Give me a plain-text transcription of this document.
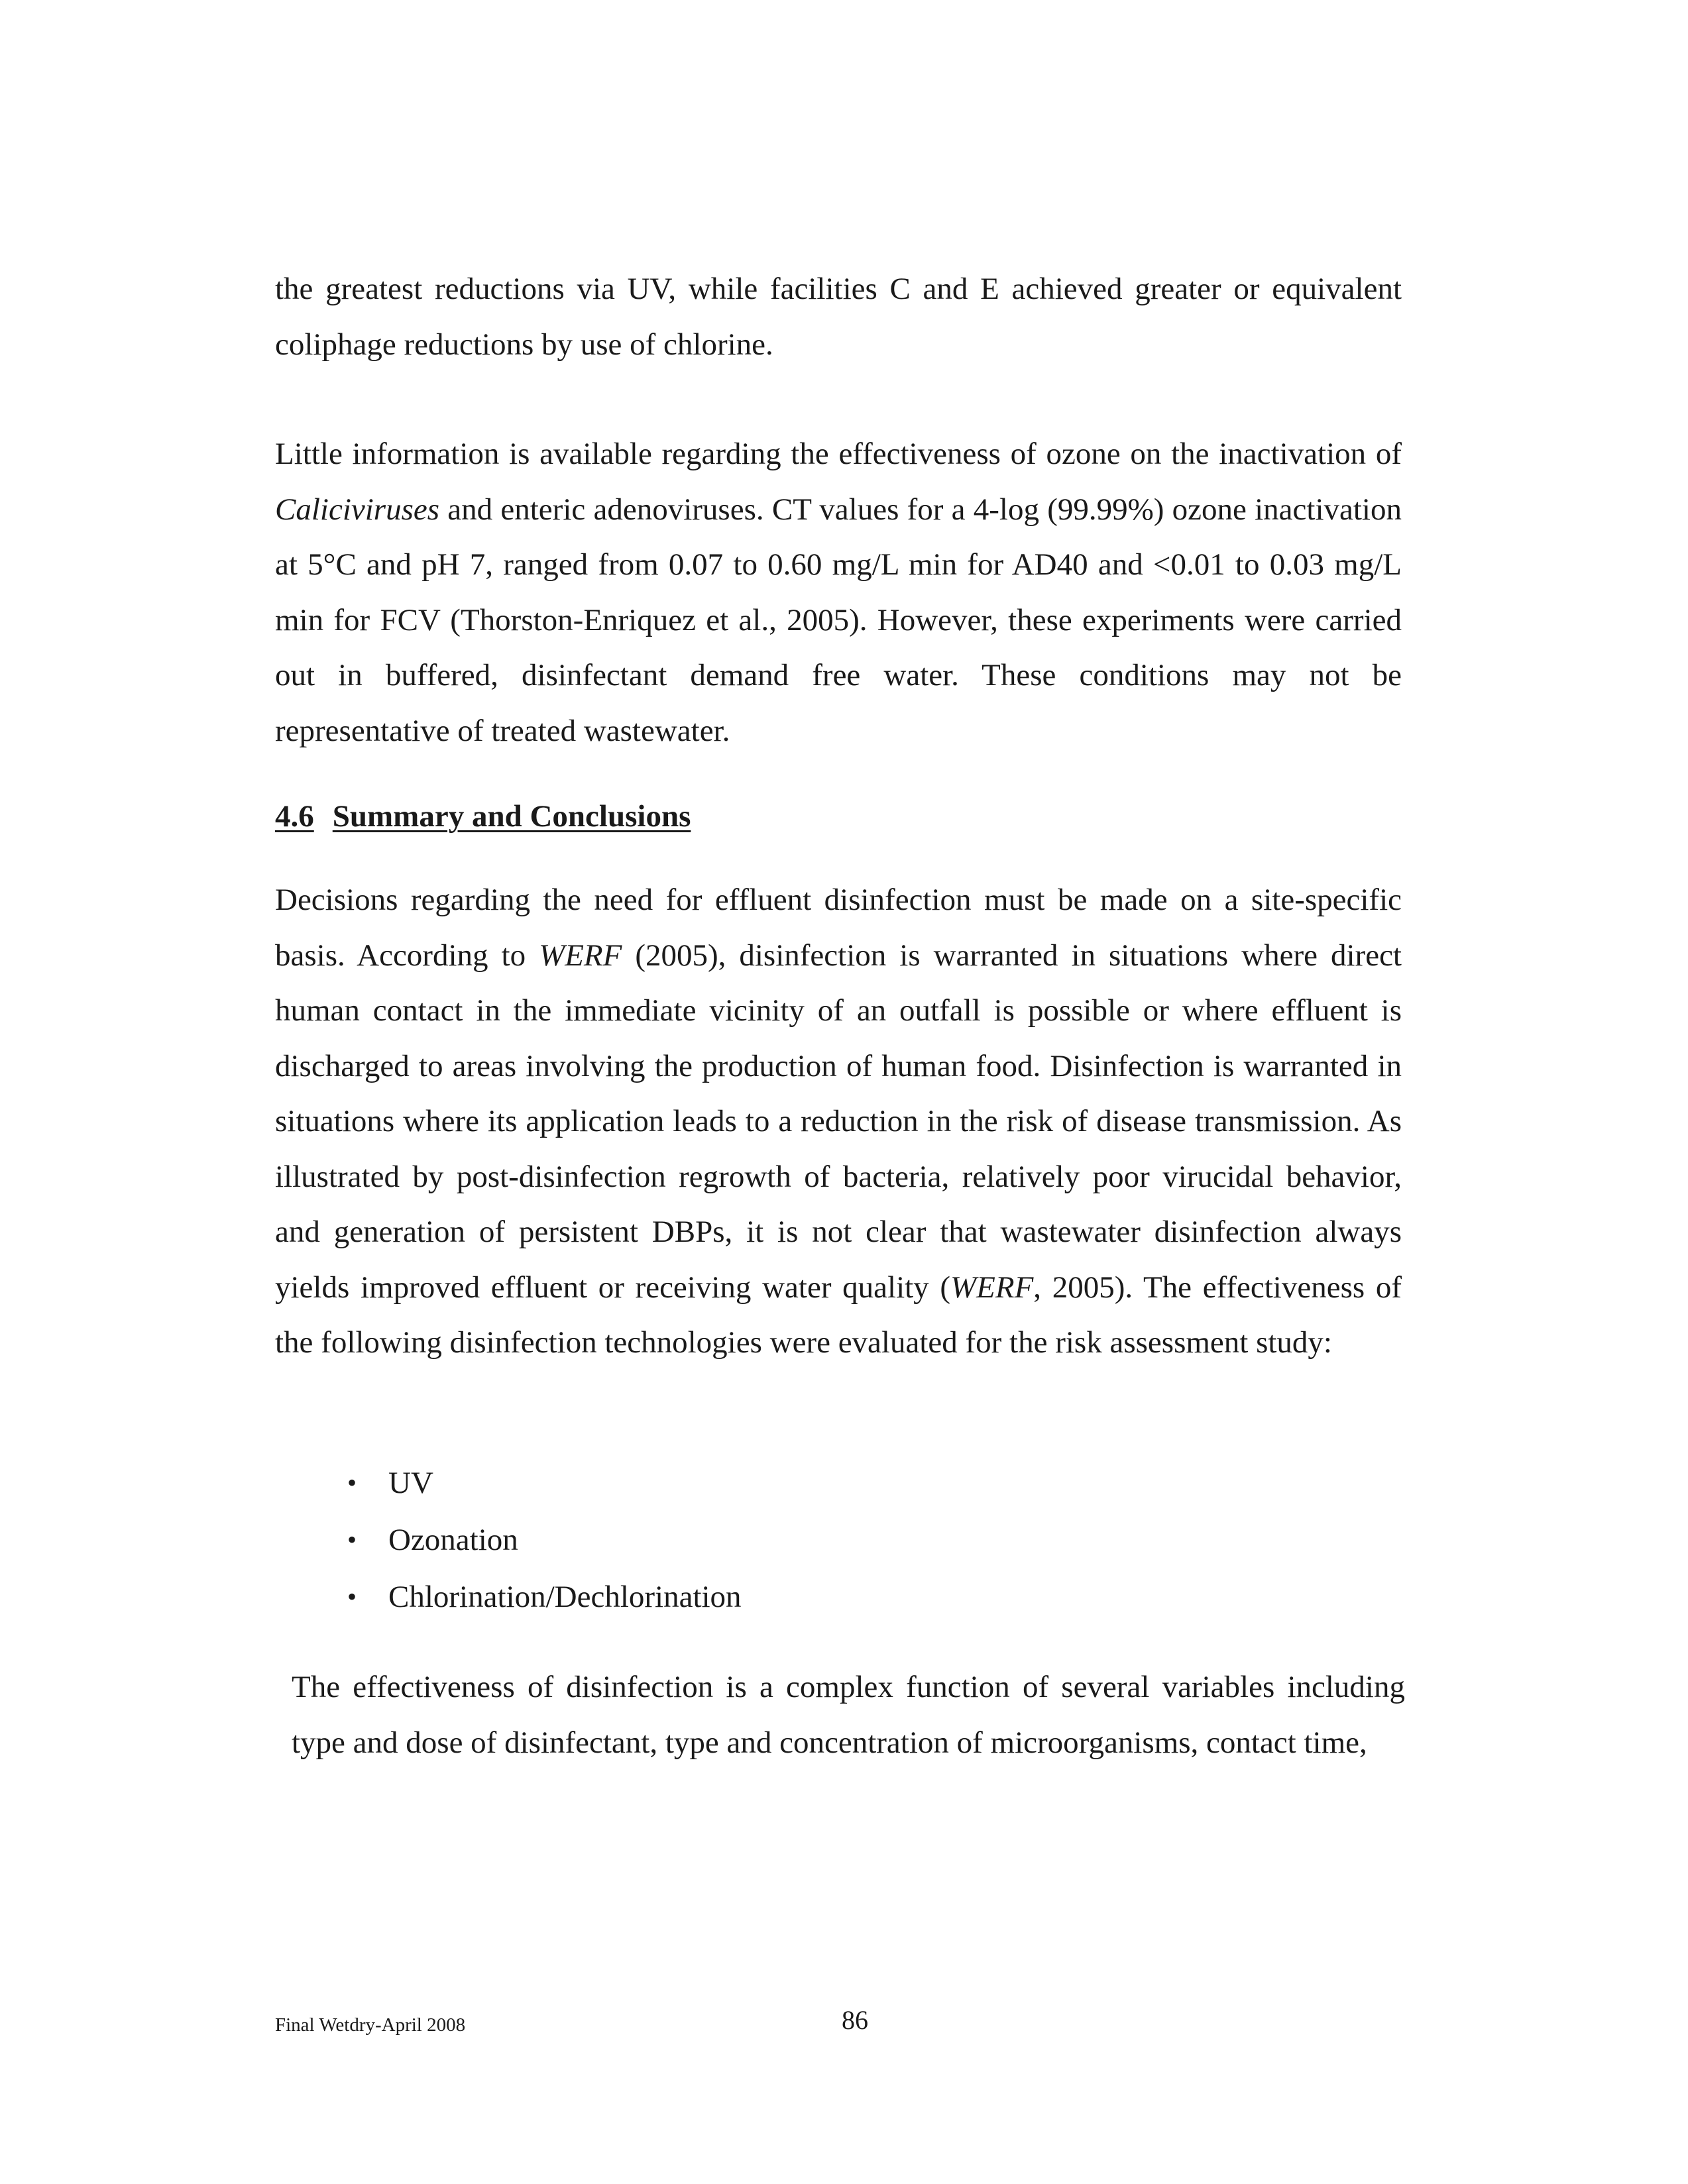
the greatest reductions via UV, while facilities C and E achieved greater or equivalent coliphage reductions by use of chlorine.

Little information is available regarding the effectiveness of ozone on the inactivation of Caliciviruses and enteric adenoviruses. CT values for a 4-log (99.99%) ozone inactivation at 5°C and pH 7, ranged from 0.07 to 0.60 mg/L min for AD40 and <0.01 to 0.03 mg/L min for FCV (Thorston-Enriquez et al., 2005). However, these experiments were carried out in buffered, disinfectant demand free water. These conditions may not be representative of treated wastewater.

4.6 Summary and Conclusions

Decisions regarding the need for effluent disinfection must be made on a site-specific basis. According to WERF (2005), disinfection is warranted in situations where direct human contact in the immediate vicinity of an outfall is possible or where effluent is discharged to areas involving the production of human food. Disinfection is warranted in situations where its application leads to a reduction in the risk of disease transmission. As illustrated by post-disinfection regrowth of bacteria, relatively poor virucidal behavior, and generation of persistent DBPs, it is not clear that wastewater disinfection always yields improved effluent or receiving water quality (WERF, 2005). The effectiveness of the following disinfection technologies were evaluated for the risk assessment study:

• UV
• Ozonation
• Chlorination/Dechlorination

The effectiveness of disinfection is a complex function of several variables including type and dose of disinfectant, type and concentration of microorganisms, contact time,

Final Wetdry-April 2008	86
